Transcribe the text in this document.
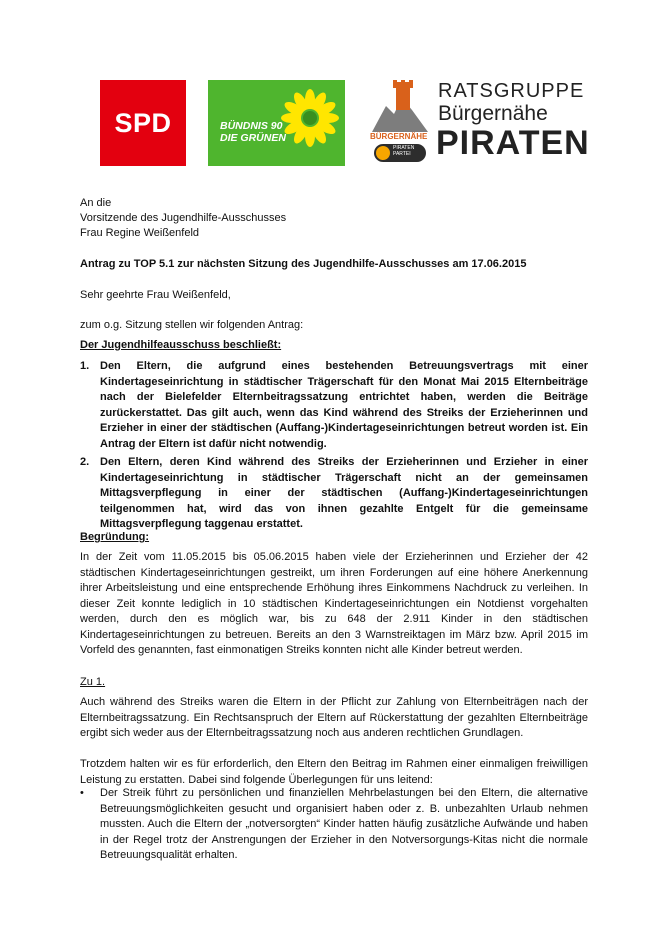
SPD	BÜNDNIS 90
DIE GRÜNEN	BÜRGERNÄHE
PIRATEN PARTEI
RATSGRUPPE
Bürgernähe
PIRATEN
An die
Vorsitzende des Jugendhilfe-Ausschusses
Frau Regine Weißenfeld
Antrag zu TOP 5.1 zur nächsten Sitzung des Jugendhilfe-Ausschusses am 17.06.2015
Sehr geehrte Frau Weißenfeld,
zum o.g. Sitzung stellen wir folgenden Antrag:
Der Jugendhilfeausschuss beschließt:
1. Den Eltern, die aufgrund eines bestehenden Betreuungsvertrags mit einer Kindertageseinrichtung in städtischer Trägerschaft für den Monat Mai 2015 Elternbeiträge nach der Bielefelder Elternbeitragssatzung entrichtet haben, werden die Beiträge zurückerstattet. Das gilt auch, wenn das Kind während des Streiks der Erzieherinnen und Erzieher in einer der städtischen (Auffang-)Kindertageseinrichtungen betreut worden ist. Ein Antrag der Eltern ist dafür nicht notwendig.
2. Den Eltern, deren Kind während des Streiks der Erzieherinnen und Erzieher in einer Kindertageseinrichtung in städtischer Trägerschaft nicht an der gemeinsamen Mittagsverpflegung in einer der städtischen (Auffang-)Kindertageseinrichtungen teilgenommen hat, wird das von ihnen gezahlte Entgelt für die gemeinsame Mittagsverpflegung taggenau erstattet.
Begründung:
In der Zeit vom 11.05.2015 bis 05.06.2015 haben viele der Erzieherinnen und Erzieher der 42 städtischen Kindertageseinrichtungen gestreikt, um ihren Forderungen auf eine höhere Anerkennung ihrer Arbeitsleistung und eine entsprechende Erhöhung ihres Einkommens Nachdruck zu verleihen. In dieser Zeit konnte lediglich in 10 städtischen Kindertageseinrichtungen ein Notdienst vorgehalten werden, durch den es möglich war, bis zu 648 der 2.911 Kinder in den städtischen Kindertageseinrichtungen zu betreuen. Bereits an den 3 Warnstreiktagen im März bzw. April 2015 im Vorfeld des genannten, fast einmonatigen Streiks konnten nicht alle Kinder betreut werden.
Zu 1.
Auch während des Streiks waren die Eltern in der Pflicht zur Zahlung von Elternbeiträgen nach der Elternbeitragssatzung. Ein Rechtsanspruch der Eltern auf Rückerstattung der gezahlten Elternbeiträge ergibt sich weder aus der Elternbeitragssatzung noch aus anderen rechtlichen Grundlagen.
Trotzdem halten wir es für erforderlich, den Eltern den Beitrag im Rahmen einer einmaligen freiwilligen Leistung zu erstatten. Dabei sind folgende Überlegungen für uns leitend:
• Der Streik führt zu persönlichen und finanziellen Mehrbelastungen bei den Eltern, die alternative Betreuungsmöglichkeiten gesucht und organisiert haben oder z. B. unbezahlten Urlaub nehmen mussten. Auch die Eltern der „notversorgten“ Kinder hatten häufig zusätzliche Aufwände und haben in der Regel trotz der Anstrengungen der Erzieher in den Notversorgungs-Kitas nicht die normale Betreuungsqualität erhalten.
